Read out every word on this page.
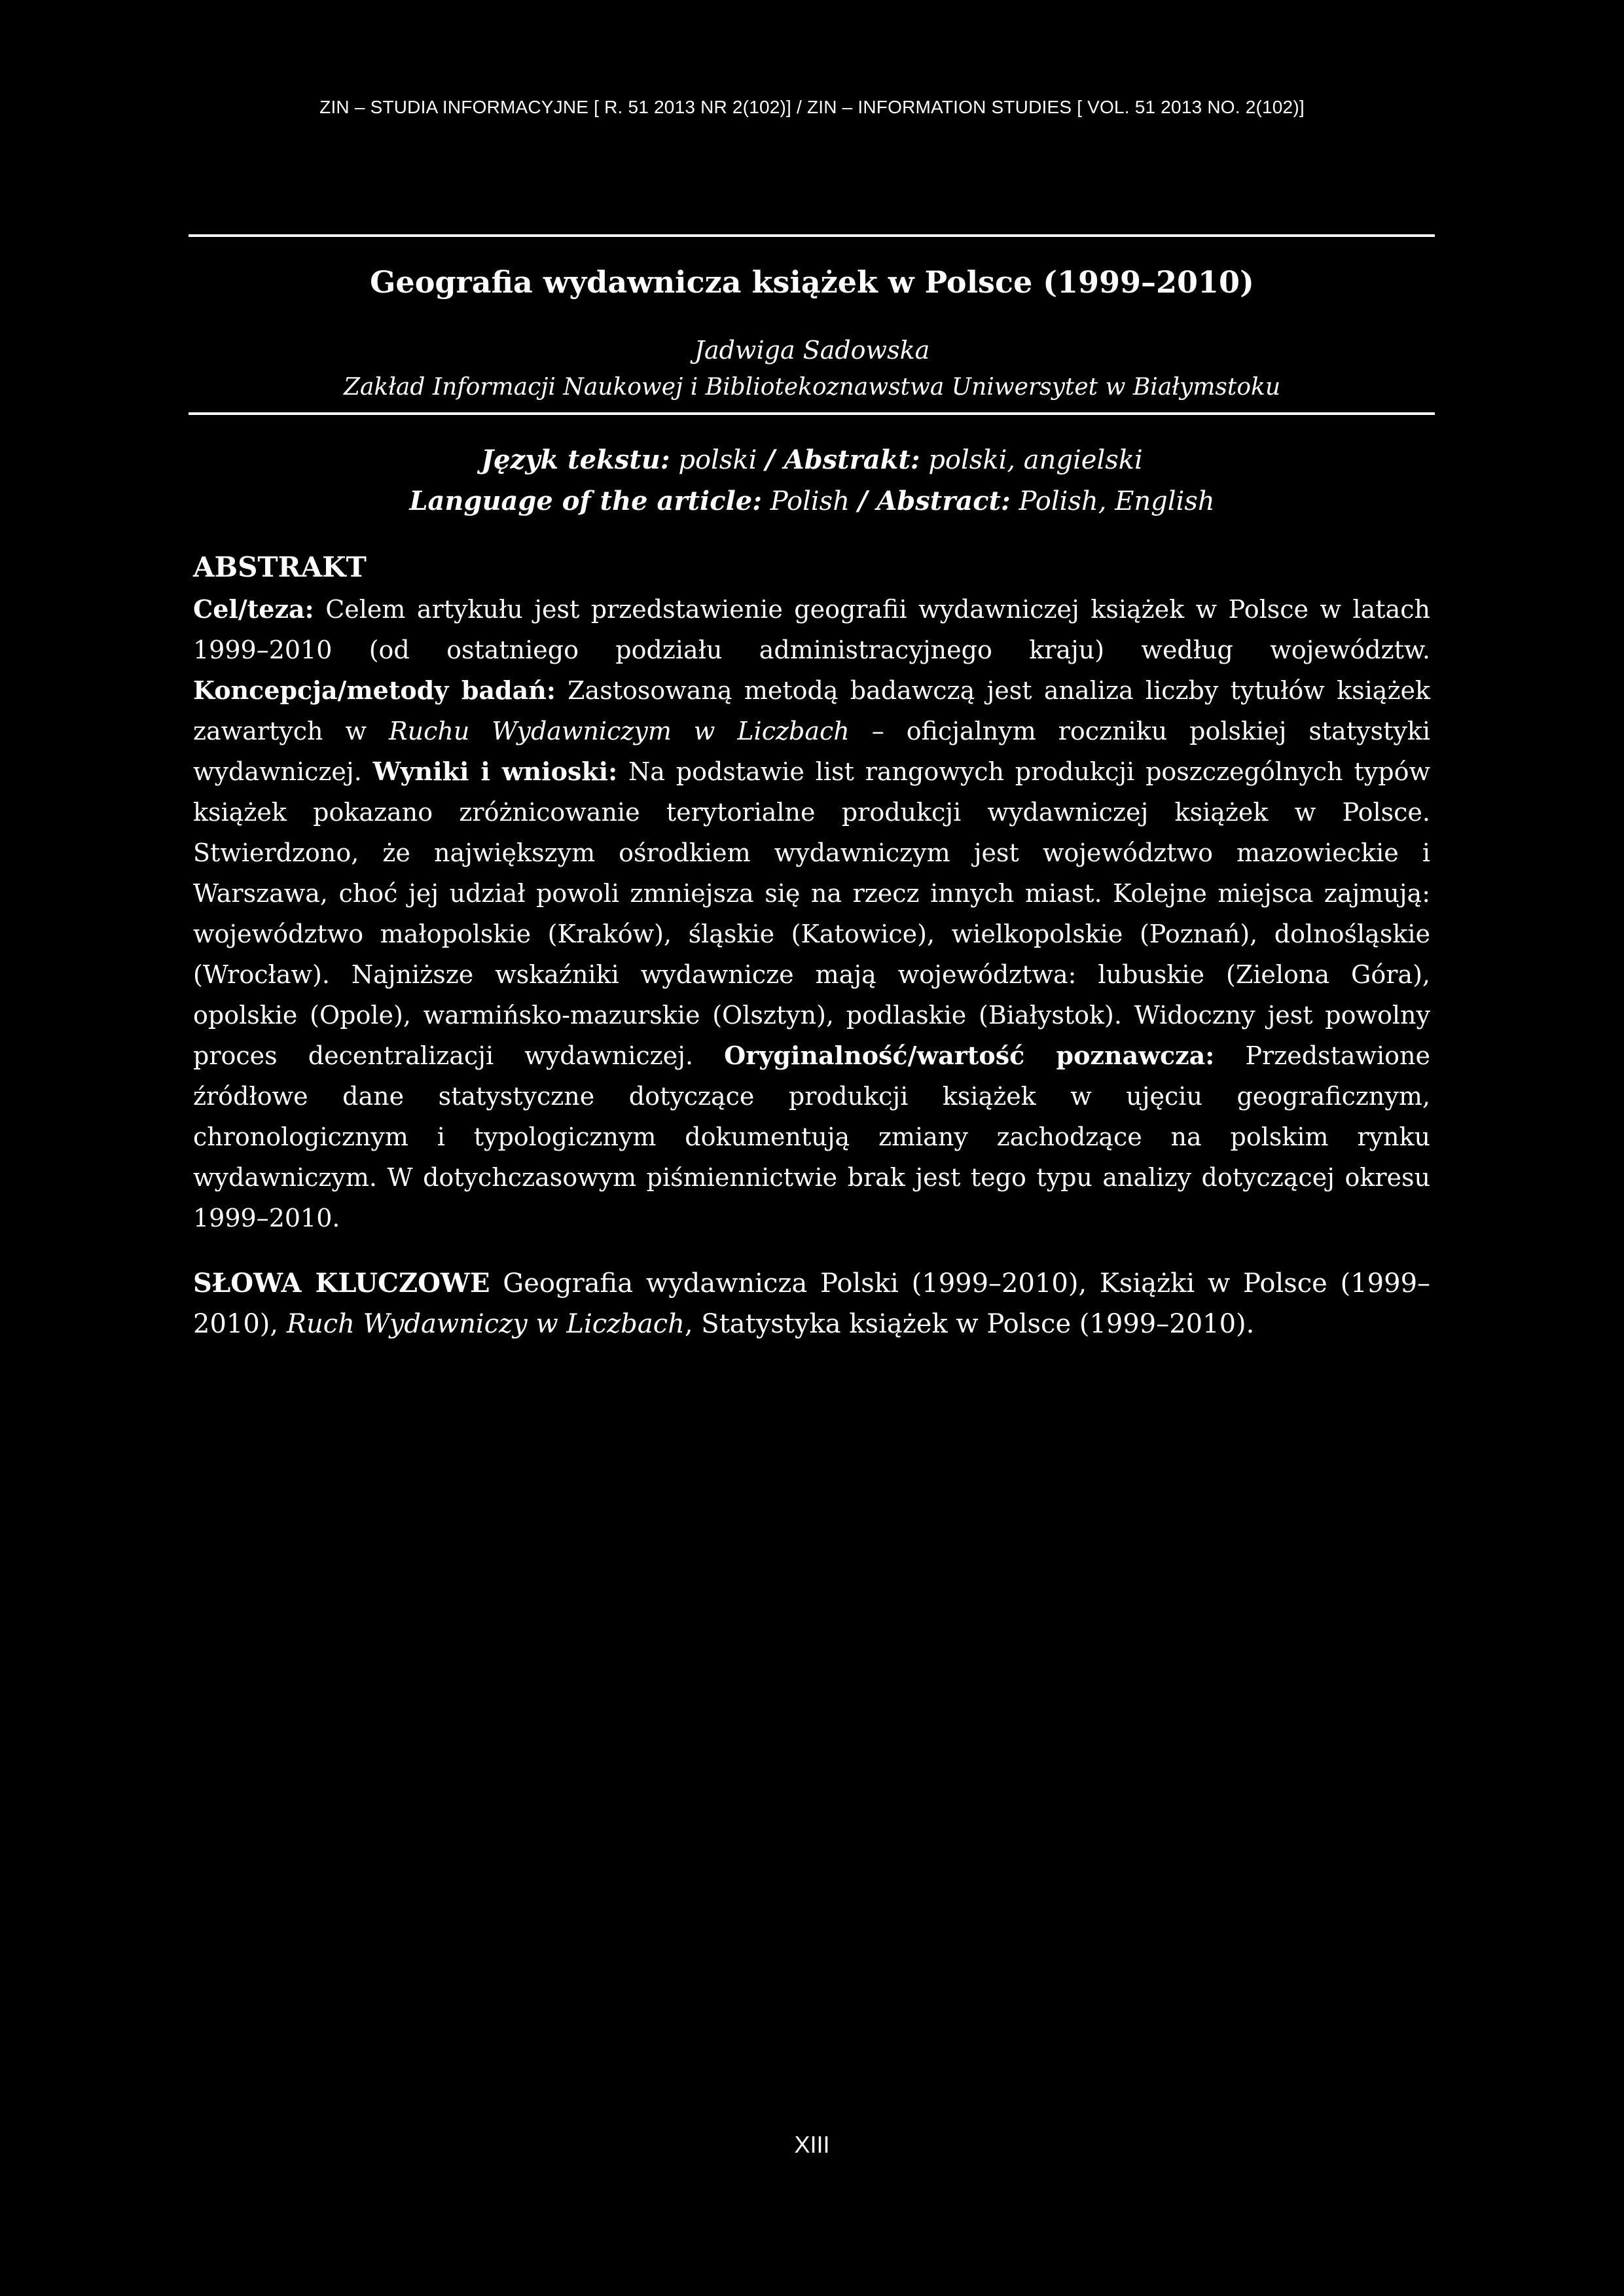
ZIN – STUDIA INFORMACYJNE [ R. 51 2013 NR 2(102)] / ZIN – INFORMATION STUDIES [ VOL. 51 2013 NO. 2(102)]
Geografia wydawnicza książek w Polsce (1999–2010)
Jadwiga Sadowska
Zakład Informacji Naukowej i Bibliotekoznawstwa Uniwersytet w Białymstoku
Język tekstu: polski / Abstrakt: polski, angielski
Language of the article: Polish / Abstract: Polish, English
ABSTRAKT

Cel/teza: Celem artykułu jest przedstawienie geografii wydawniczej książek w Polsce w latach 1999–2010 (od ostatniego podziału administracyjnego kraju) według województw. Koncepcja/metody badań: Zastosowaną metodą badawczą jest analiza liczby tytułów książek zawartych w Ruchu Wydawniczym w Liczbach – oficjalnym roczniku polskiej statystyki wydawniczej. Wyniki i wnioski: Na podstawie list rangowych produkcji poszczególnych typów książek pokazano zróżnicowanie terytorialne produkcji wydawniczej książek w Polsce. Stwierdzono, że największym ośrodkiem wydawniczym jest województwo mazowieckie i Warszawa, choć jej udział powoli zmniejsza się na rzecz innych miast. Kolejne miejsca zajmują: województwo małopolskie (Kraków), śląskie (Katowice), wielkopolskie (Poznań), dolnośląskie (Wrocław). Najniższe wskaźniki wydawnicze mają województwa: lubuskie (Zielona Góra), opolskie (Opole), warmińsko-mazurskie (Olsztyn), podlaskie (Białystok). Widoczny jest powolny proces decentralizacji wydawniczej. Oryginalność/wartość poznawcza: Przedstawione źródłowe dane statystyczne dotyczące produkcji książek w ujęciu geograficznym, chronologicznym i typologicznym dokumentują zmiany zachodzące na polskim rynku wydawniczym. W dotychczasowym piśmiennictwie brak jest tego typu analizy dotyczącej okresu 1999–2010.

SŁOWA KLUCZOWE Geografia wydawnicza Polski (1999–2010), Książki w Polsce (1999–2010), Ruch Wydawniczy w Liczbach, Statystyka książek w Polsce (1999–2010).

XIII
